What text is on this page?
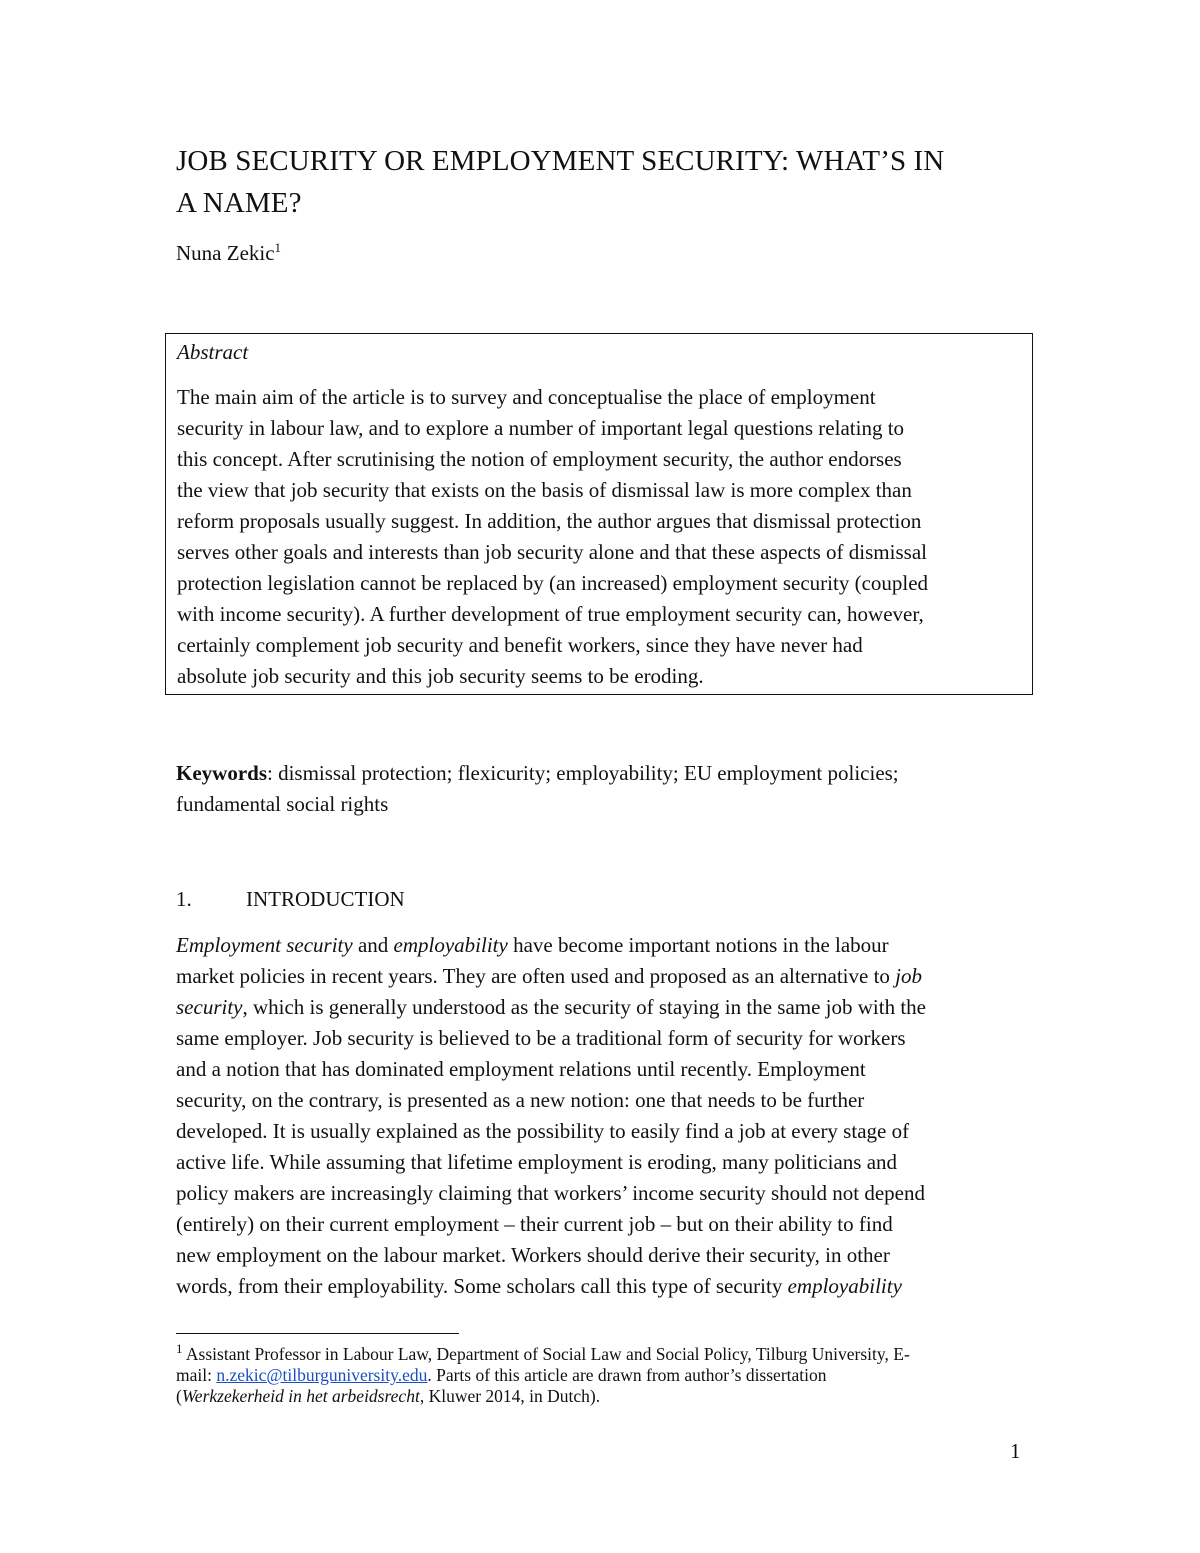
JOB SECURITY OR EMPLOYMENT SECURITY: WHAT’S IN
A NAME?
Nuna Zekic$^1$
Abstract
The main aim of the article is to survey and conceptualise the place of employment
security in labour law, and to explore a number of important legal questions relating to
this concept. After scrutinising the notion of employment security, the author endorses
the view that job security that exists on the basis of dismissal law is more complex than
reform proposals usually suggest. In addition, the author argues that dismissal protection
serves other goals and interests than job security alone and that these aspects of dismissal
protection legislation cannot be replaced by (an increased) employment security (coupled
with income security). A further development of true employment security can, however,
certainly complement job security and benefit workers, since they have never had
absolute job security and this job security seems to be eroding.
Keywords: dismissal protection; flexicurity; employability; EU employment policies;
fundamental social rights
1.	INTRODUCTION
Employment security and employability have become important notions in the labour
market policies in recent years. They are often used and proposed as an alternative to job
security, which is generally understood as the security of staying in the same job with the
same employer. Job security is believed to be a traditional form of security for workers
and a notion that has dominated employment relations until recently. Employment
security, on the contrary, is presented as a new notion: one that needs to be further
developed. It is usually explained as the possibility to easily find a job at every stage of
active life. While assuming that lifetime employment is eroding, many politicians and
policy makers are increasingly claiming that workers’ income security should not depend
(entirely) on their current employment – their current job – but on their ability to find
new employment on the labour market. Workers should derive their security, in other
words, from their employability. Some scholars call this type of security employability
$^1$ Assistant Professor in Labour Law, Department of Social Law and Social Policy, Tilburg University, E-
mail: n.zekic@tilburguniversity.edu. Parts of this article are drawn from author’s dissertation
(Werkzekerheid in het arbeidsrecht, Kluwer 2014, in Dutch).
1
